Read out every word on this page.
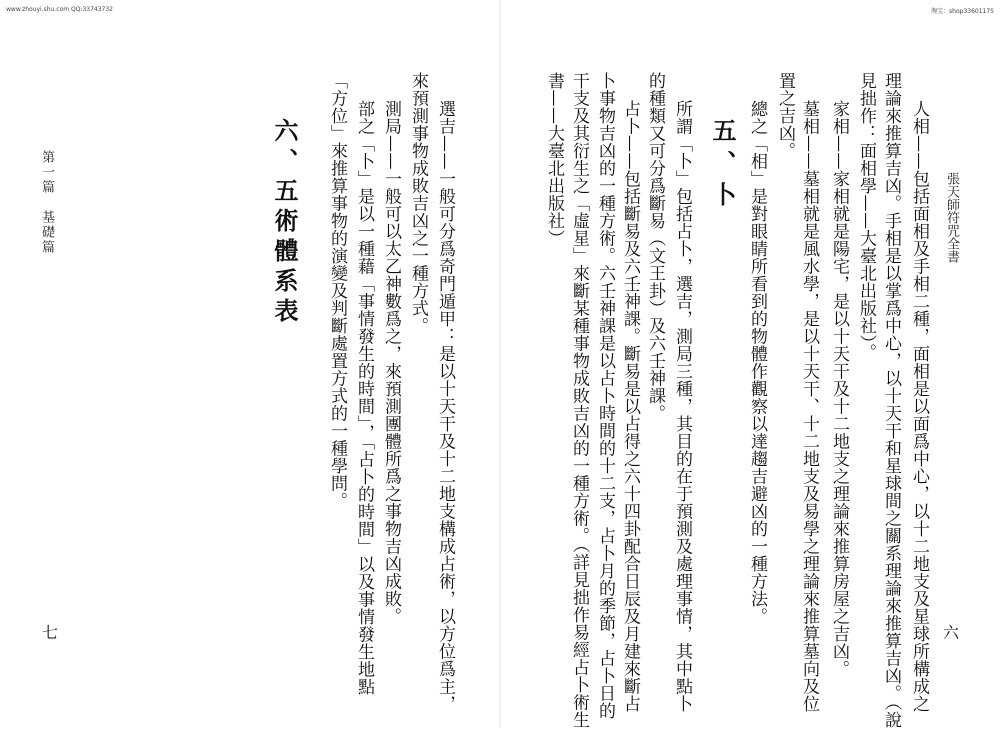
www.zhouyi.shu.com QQ:33743732	淘宝：shop33601175
張天師符咒全書
六
人相——包括面相及手相二種，面相是以面爲中心，以十二地支及星球所構成之
理論來推算吉凶。手相是以掌爲中心，以十天干和星球間之關系理論來推算吉凶。（說
見拙作：面相學——大臺北出版社）。
家相——家相就是陽宅，是以十天干及十二地支之理論來推算房屋之吉凶。
墓相——墓相就是風水學，是以十天干、十二地支及易學之理論來推算墓向及位
置之吉凶。
總之「相」是對眼睛所看到的物體作觀察以達趨吉避凶的一種方法。
五、卜
所謂「卜」包括占卜，選吉，測局三種，其目的在于預測及處理事情，其中點卜
的種類又可分爲斷易（文王卦）及六壬神課。
占卜——包括斷易及六壬神課。斷易是以占得之六十四卦配合日辰及月建來斷占
卜事物吉凶的一種方術。六壬神課是以占卜時間的十二支，占卜月的季節，占卜日的
干支及其衍生之「虛星」來斷某種事物成敗吉凶的一種方術。（詳見拙作易經占卜術生
書——大臺北出版社）
選吉——一般可分爲奇門遁甲：是以十天干及十二地支構成占術，以方位爲主，
來預測事物成敗吉凶之一種方式。
測局——一般可以太乙神數爲之，來預測團體所爲之事物吉凶成敗。
部之「卜」是以一種藉「事情發生的時間」，「占卜的時間」以及事情發生地點
「方位」來推算事物的演變及判斷處置方式的一種學問。
六、五術體系表
第一篇　基礎篇
七
